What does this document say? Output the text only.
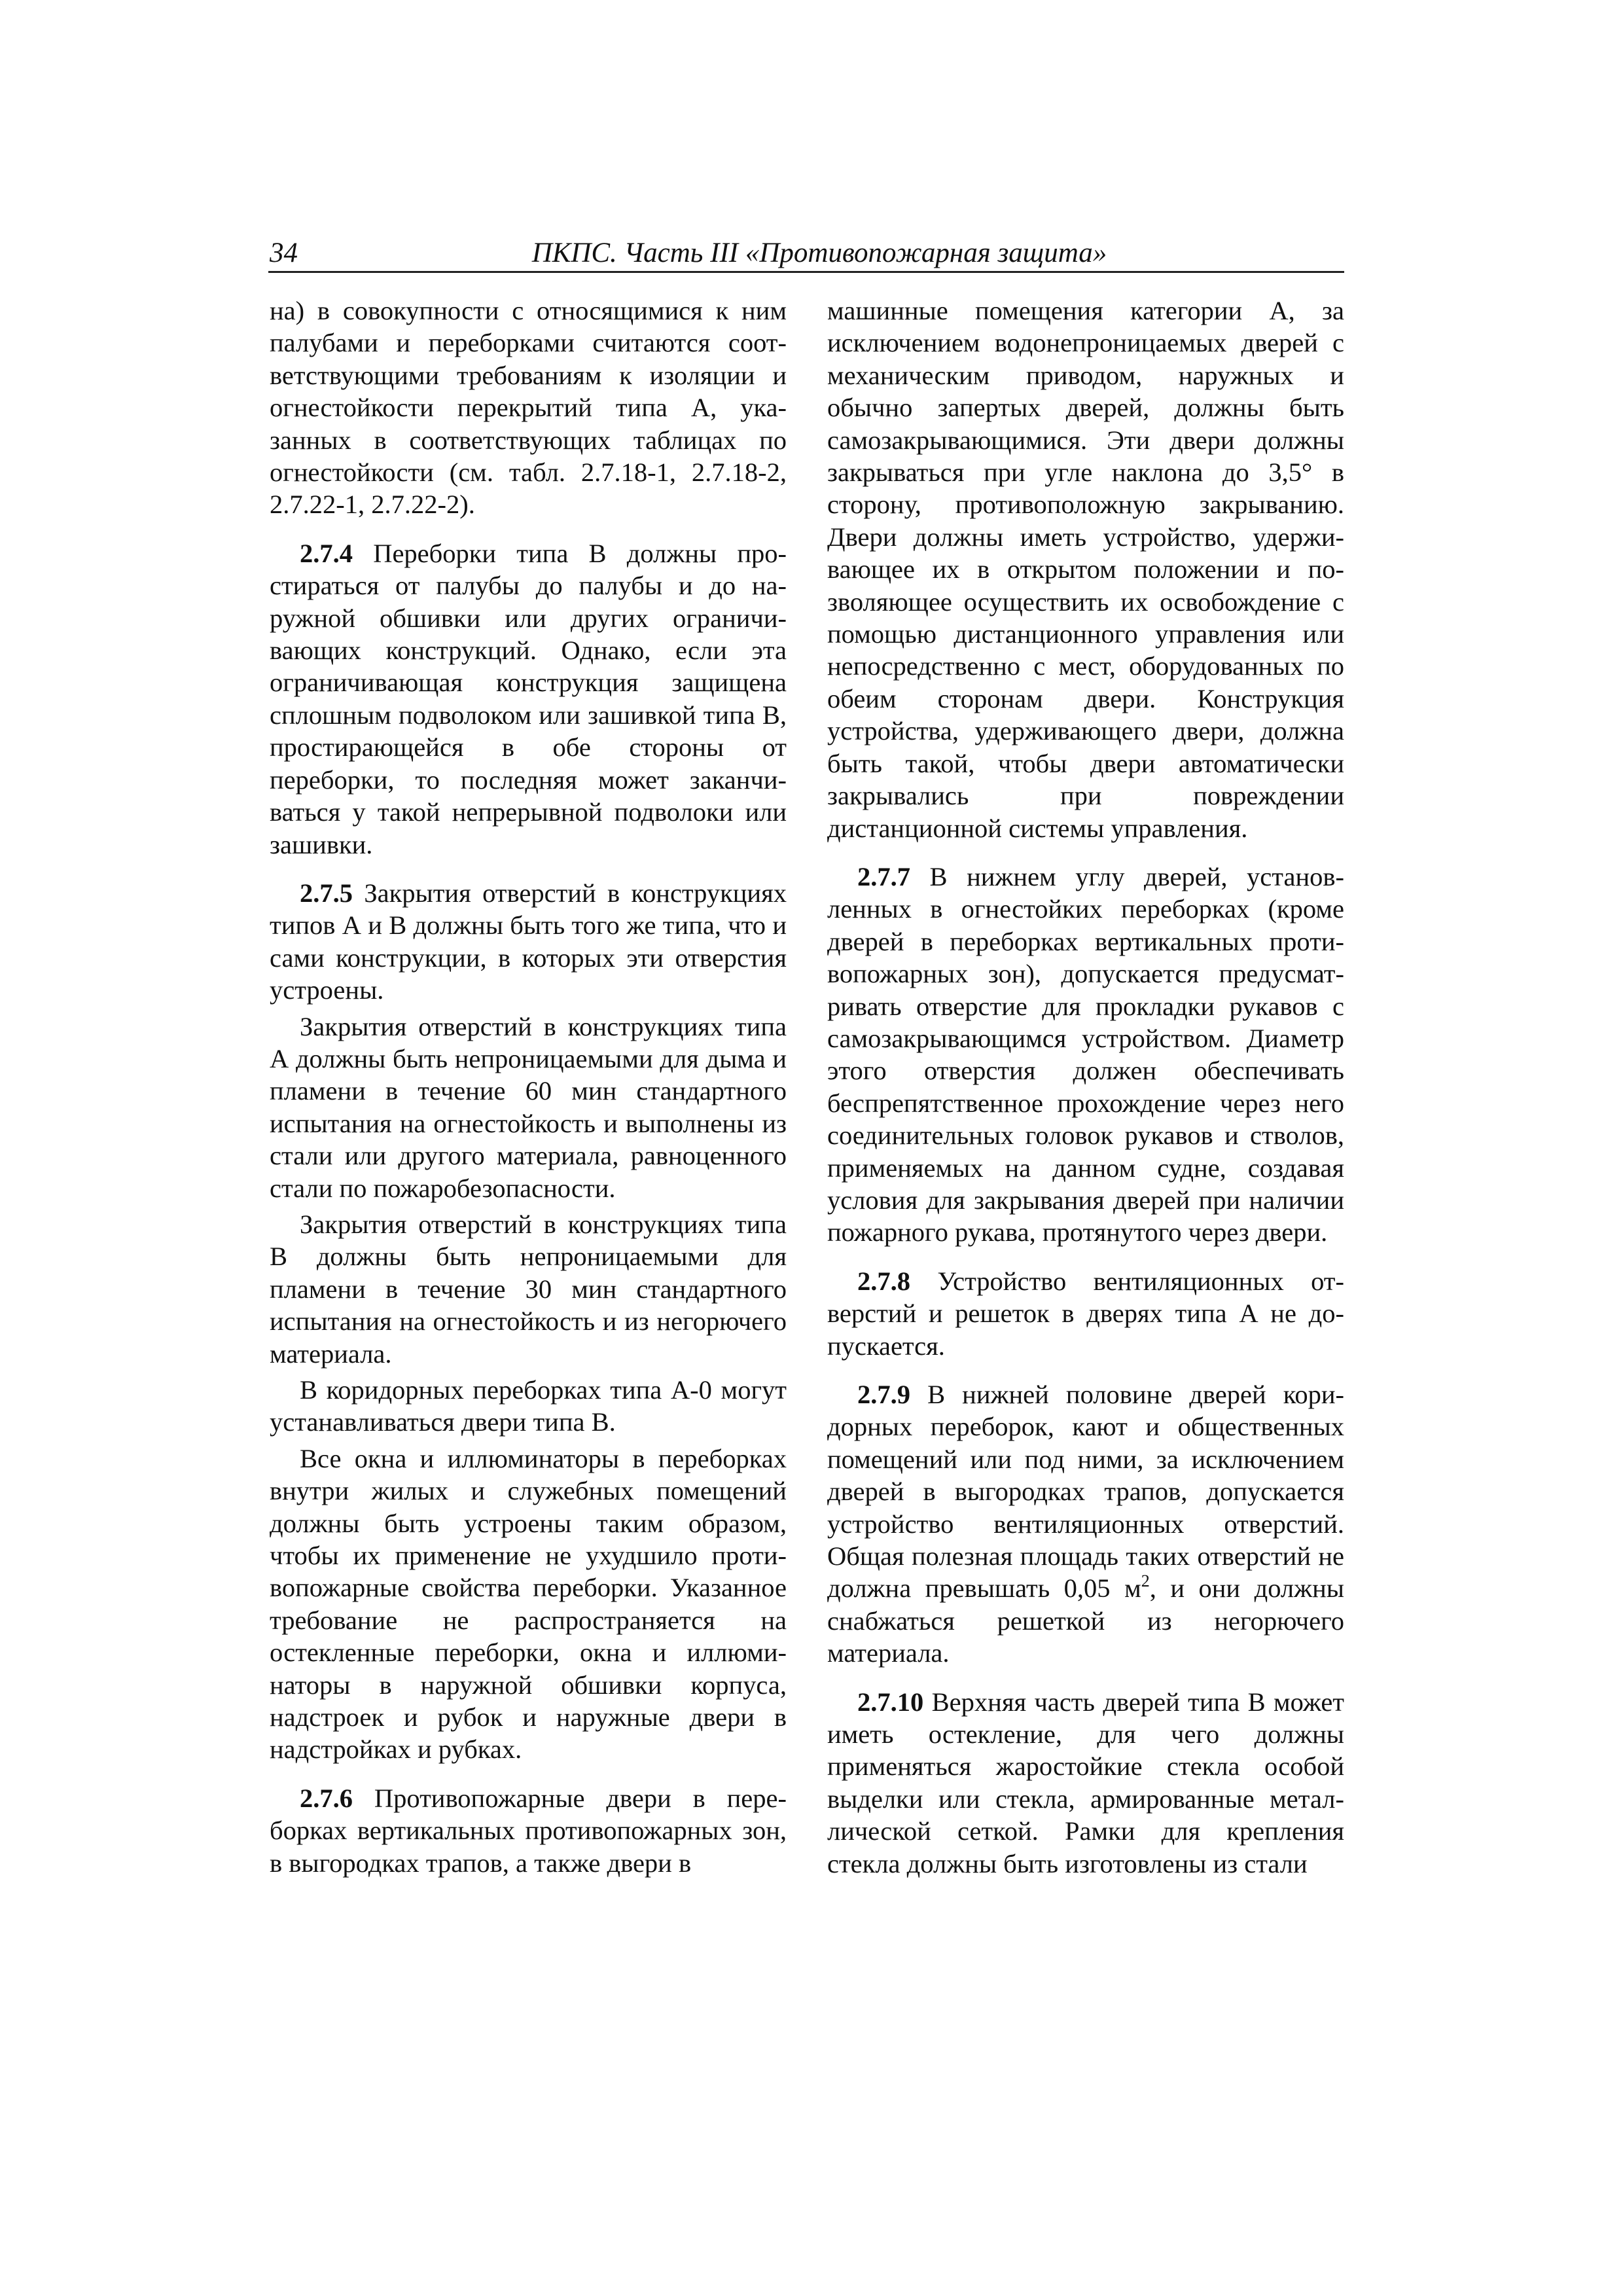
34	ПКПС. Часть III «Противопожарная защита»

на) в совокупности с относящимися к ним палубами и переборками считаются соответствующими требованиям к изоляции и огнестойкости перекрытий типа А, указанных в соответствующих таблицах по огнестойкости (см. табл. 2.7.18-1, 2.7.18-2, 2.7.22-1, 2.7.22-2).

2.7.4 Переборки типа В должны простираться от палубы до палубы и до наружной обшивки или других ограничивающих конструкций. Однако, если эта ограничивающая конструкция защищена сплошным подволоком или зашивкой типа В, простирающейся в обе стороны от переборки, то последняя может заканчиваться у такой непрерывной подволоки или зашивки.

2.7.5 Закрытия отверстий в конструкциях типов А и В должны быть того же типа, что и сами конструкции, в которых эти отверстия устроены.

Закрытия отверстий в конструкциях типа А должны быть непроницаемыми для дыма и пламени в течение 60 мин стандартного испытания на огнестойкость и выполнены из стали или другого материала, равноценного стали по пожаробезопасности.

Закрытия отверстий в конструкциях типа В должны быть непроницаемыми для пламени в течение 30 мин стандартного испытания на огнестойкость и из негорючего материала.

В коридорных переборках типа А-0 могут устанавливаться двери типа В.

Все окна и иллюминаторы в переборках внутри жилых и служебных помещений должны быть устроены таким образом, чтобы их применение не ухудшило противопожарные свойства переборки. Указанное требование не распространяется на остекленные переборки, окна и иллюминаторы в наружной обшивки корпуса, надстроек и рубок и наружные двери в надстройках и рубках.

2.7.6 Противопожарные двери в переборках вертикальных противопожарных зон, в выгородках трапов, а также двери в

машинные помещения категории А, за исключением водонепроницаемых дверей с механическим приводом, наружных и обычно запертых дверей, должны быть самозакрывающимися. Эти двери должны закрываться при угле наклона до 3,5° в сторону, противоположную закрыванию. Двери должны иметь устройство, удерживающее их в открытом положении и позволяющее осуществить их освобождение с помощью дистанционного управления или непосредственно с мест, оборудованных по обеим сторонам двери. Конструкция устройства, удерживающего двери, должна быть такой, чтобы двери автоматически закрывались при повреждении дистанционной системы управления.

2.7.7 В нижнем углу дверей, установленных в огнестойких переборках (кроме дверей в переборках вертикальных противопожарных зон), допускается предусматривать отверстие для прокладки рукавов с самозакрывающимся устройством. Диаметр этого отверстия должен обеспечивать беспрепятственное прохождение через него соединительных головок рукавов и стволов, применяемых на данном судне, создавая условия для закрывания дверей при наличии пожарного рукава, протянутого через двери.

2.7.8 Устройство вентиляционных отверстий и решеток в дверях типа А не допускается.

2.7.9 В нижней половине дверей коридорных переборок, кают и общественных помещений или под ними, за исключением дверей в выгородках трапов, допускается устройство вентиляционных отверстий. Общая полезная площадь таких отверстий не должна превышать 0,05 $м^2$, и они должны снабжаться решеткой из негорючего материала.

2.7.10 Верхняя часть дверей типа В может иметь остекление, для чего должны применяться жаростойкие стекла особой выделки или стекла, армированные металлической сеткой. Рамки для крепления стекла должны быть изготовлены из стали
